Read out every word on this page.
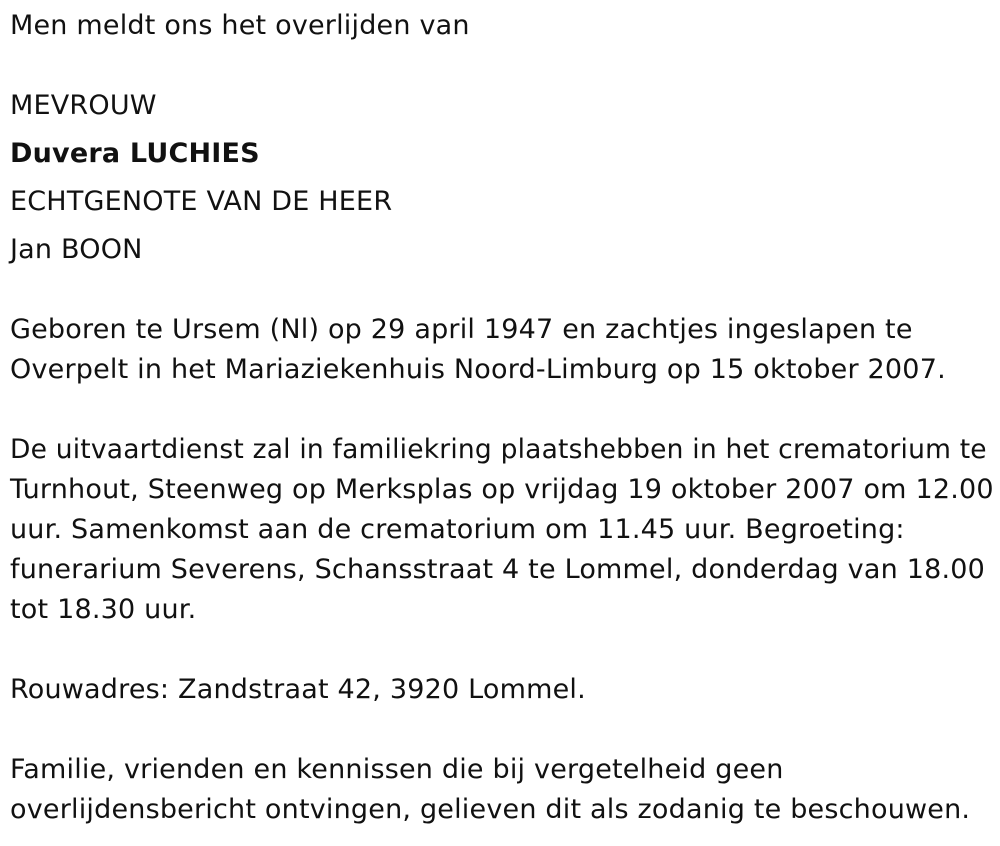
Men meldt ons het overlijden van
MEVROUW
Duvera LUCHIES
ECHTGENOTE VAN DE HEER
Jan BOON
Geboren te Ursem (Nl) op 29 april 1947 en zachtjes ingeslapen te
Overpelt in het Mariaziekenhuis Noord-Limburg op 15 oktober 2007.
De uitvaartdienst zal in familiekring plaatshebben in het crematorium te
Turnhout, Steenweg op Merksplas op vrijdag 19 oktober 2007 om 12.00
uur. Samenkomst aan de crematorium om 11.45 uur. Begroeting:
funerarium Severens, Schansstraat 4 te Lommel, donderdag van 18.00
tot 18.30 uur.
Rouwadres: Zandstraat 42, 3920 Lommel.
Familie, vrienden en kennissen die bij vergetelheid geen
overlijdensbericht ontvingen, gelieven dit als zodanig te beschouwen.
